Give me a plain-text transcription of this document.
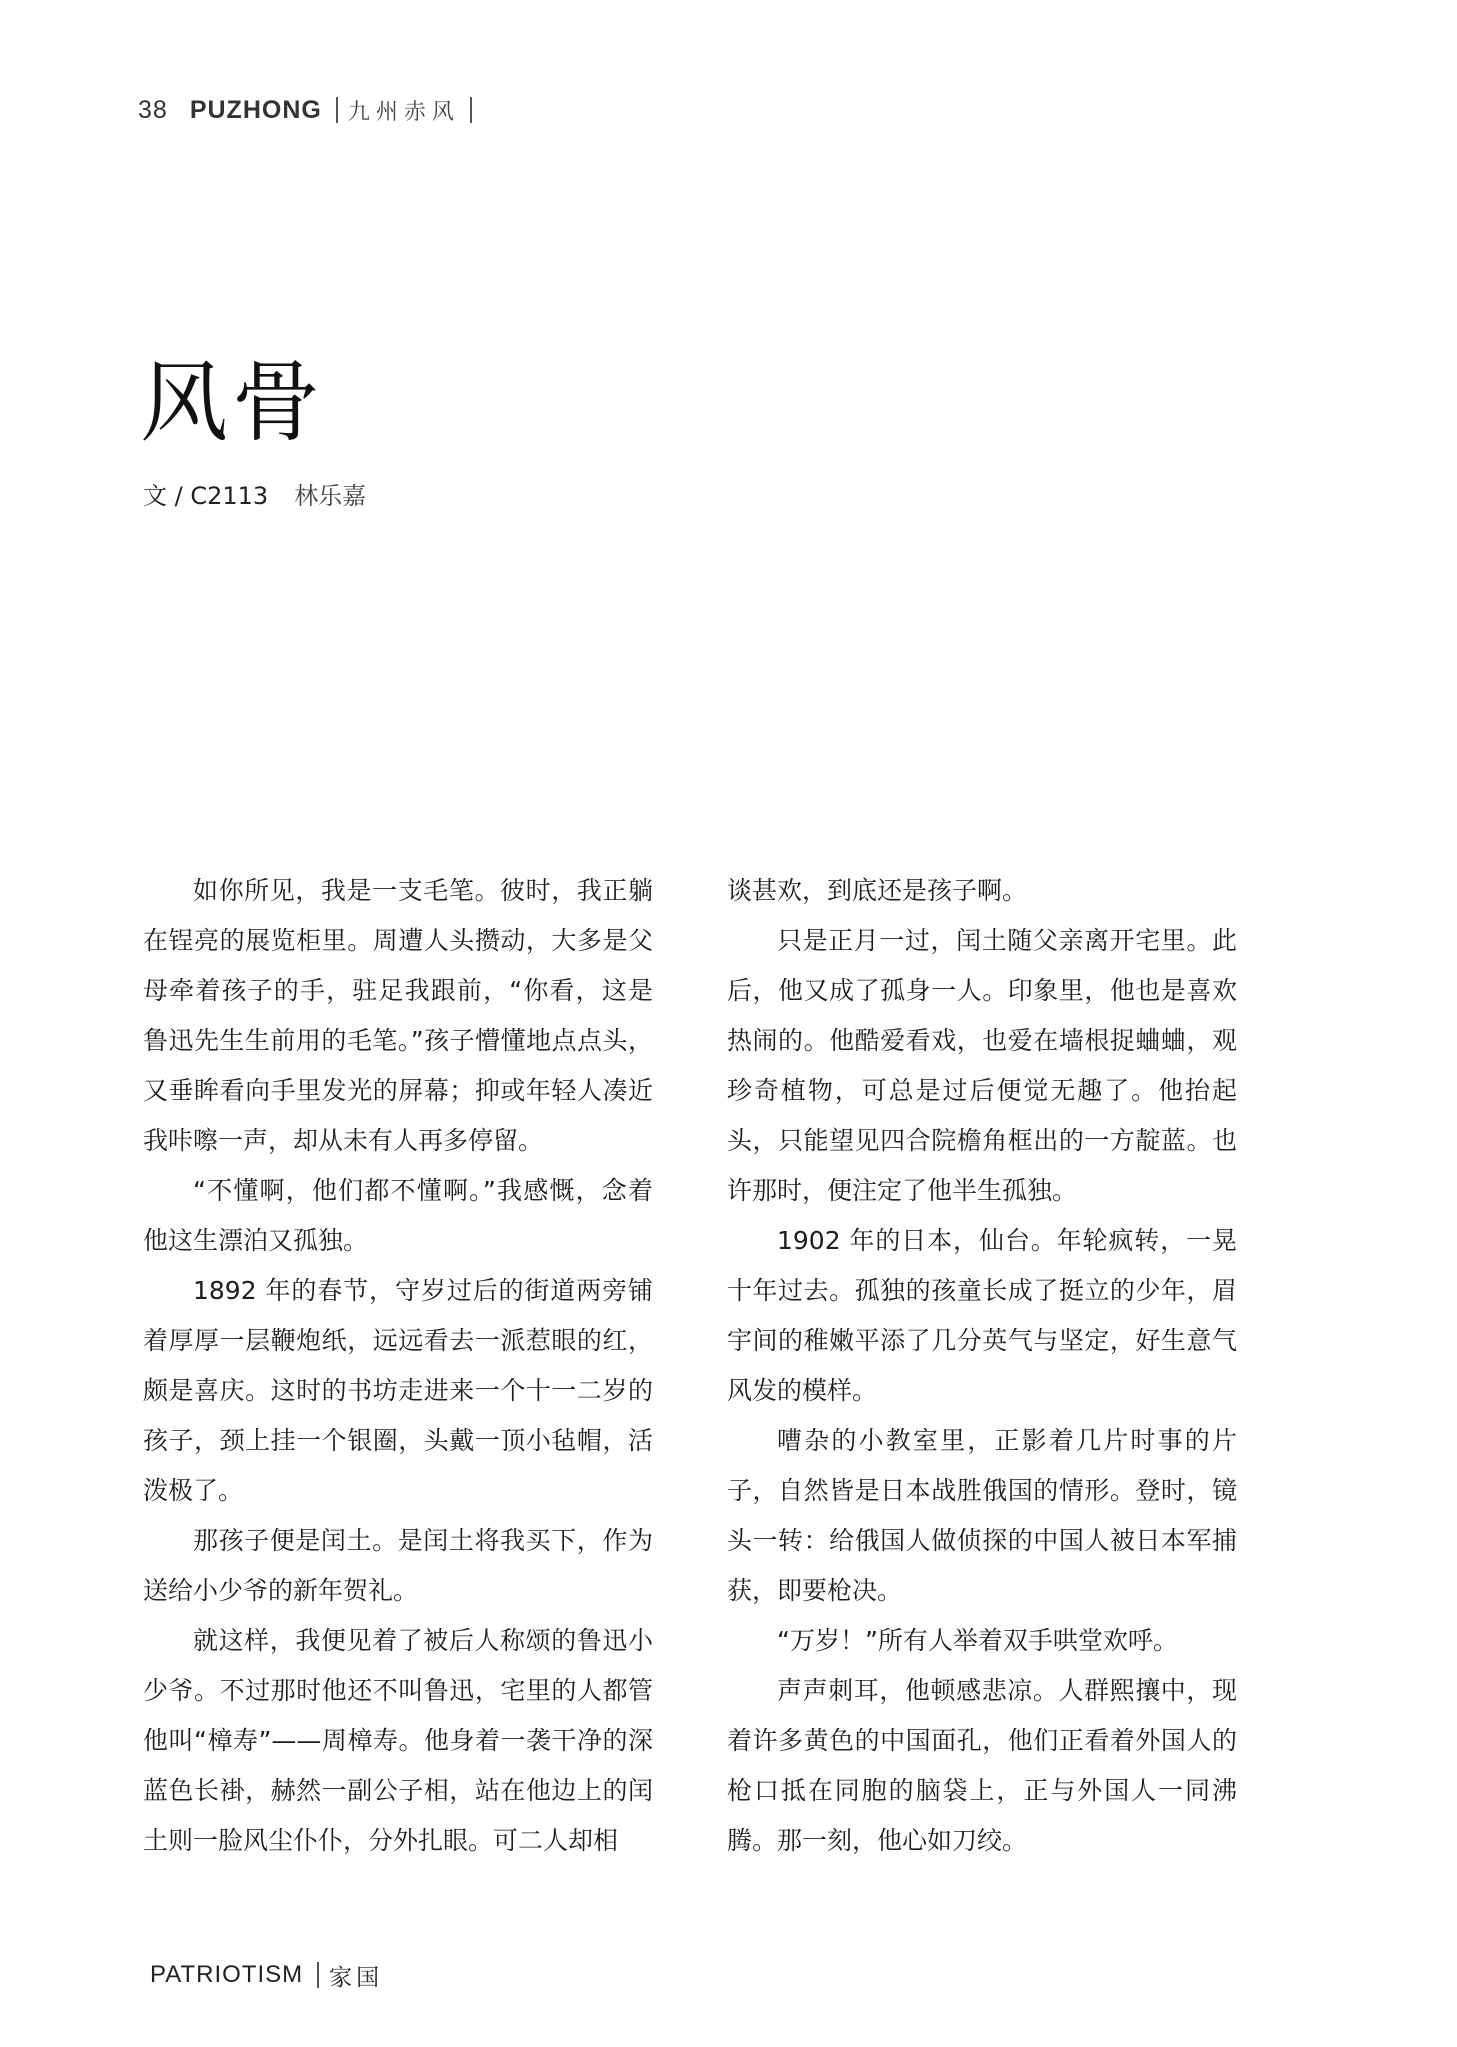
38 PUZHONG 九州赤风
风骨
文 / C2113 林乐嘉

如你所见，我是一支毛笔。彼时，我正躺在锃亮的展览柜里。周遭人头攒动，大多是父母牵着孩子的手，驻足我跟前，“你看，这是鲁迅先生生前用的毛笔。”孩子懵懂地点点头，又垂眸看向手里发光的屏幕；抑或年轻人凑近我咔嚓一声，却从未有人再多停留。

“不懂啊，他们都不懂啊。”我感慨，念着他这生漂泊又孤独。

1892 年的春节，守岁过后的街道两旁铺着厚厚一层鞭炮纸，远远看去一派惹眼的红，颇是喜庆。这时的书坊走进来一个十一二岁的孩子，颈上挂一个银圈，头戴一顶小毡帽，活泼极了。

那孩子便是闰土。是闰土将我买下，作为送给小少爷的新年贺礼。

就这样，我便见着了被后人称颂的鲁迅小少爷。不过那时他还不叫鲁迅，宅里的人都管他叫“樟寿”——周樟寿。他身着一袭干净的深蓝色长褂，赫然一副公子相，站在他边上的闰土则一脸风尘仆仆，分外扎眼。可二人却相

谈甚欢，到底还是孩子啊。

只是正月一过，闰土随父亲离开宅里。此后，他又成了孤身一人。印象里，他也是喜欢热闹的。他酷爱看戏，也爱在墙根捉蛐蛐，观珍奇植物，可总是过后便觉无趣了。他抬起头，只能望见四合院檐角框出的一方靛蓝。也许那时，便注定了他半生孤独。

1902 年的日本，仙台。年轮疯转，一晃十年过去。孤独的孩童长成了挺立的少年，眉宇间的稚嫩平添了几分英气与坚定，好生意气风发的模样。

嘈杂的小教室里，正影着几片时事的片子，自然皆是日本战胜俄国的情形。登时，镜头一转：给俄国人做侦探的中国人被日本军捕获，即要枪决。

“万岁！”所有人举着双手哄堂欢呼。

声声刺耳，他顿感悲凉。人群熙攘中，现着许多黄色的中国面孔，他们正看着外国人的枪口抵在同胞的脑袋上，正与外国人一同沸腾。那一刻，他心如刀绞。

PATRIOTISM 家国
